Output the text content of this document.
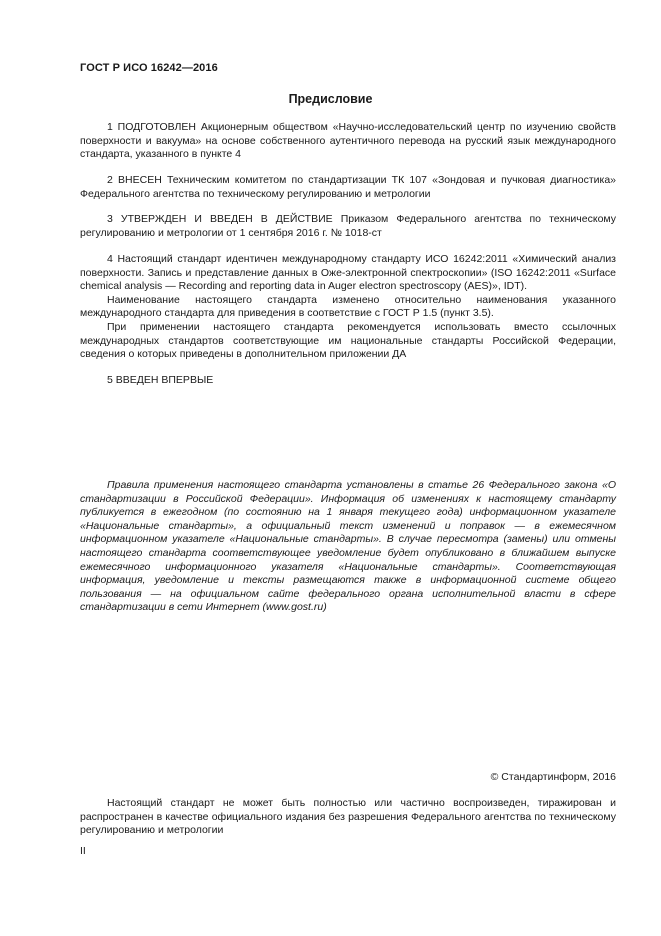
ГОСТ Р ИСО 16242—2016
Предисловие

1 ПОДГОТОВЛЕН Акционерным обществом «Научно-исследовательский центр по изучению свойств поверхности и вакуума» на основе собственного аутентичного перевода на русский язык международного стандарта, указанного в пункте 4

2 ВНЕСЕН Техническим комитетом по стандартизации ТК 107 «Зондовая и пучковая диагностика» Федерального агентства по техническому регулированию и метрологии

3 УТВЕРЖДЕН И ВВЕДЕН В ДЕЙСТВИЕ Приказом Федерального агентства по техническому регулированию и метрологии от 1 сентября 2016 г. № 1018-ст

4 Настоящий стандарт идентичен международному стандарту ИСО 16242:2011 «Химический анализ поверхности. Запись и представление данных в Оже-электронной спектроскопии» (ISO 16242:2011 «Surface chemical analysis — Recording and reporting data in Auger electron spectroscopy (AES)», IDT).

Наименование настоящего стандарта изменено относительно наименования указанного международного стандарта для приведения в соответствие с ГОСТ Р 1.5 (пункт 3.5).

При применении настоящего стандарта рекомендуется использовать вместо ссылочных международных стандартов соответствующие им национальные стандарты Российской Федерации, сведения о которых приведены в дополнительном приложении ДА

5 ВВЕДЕН ВПЕРВЫЕ

Правила применения настоящего стандарта установлены в статье 26 Федерального закона «О стандартизации в Российской Федерации». Информация об изменениях к настоящему стандарту публикуется в ежегодном (по состоянию на 1 января текущего года) информационном указателе «Национальные стандарты», а официальный текст изменений и поправок — в ежемесячном информационном указателе «Национальные стандарты». В случае пересмотра (замены) или отмены настоящего стандарта соответствующее уведомление будет опубликовано в ближайшем выпуске ежемесячного информационного указателя «Национальные стандарты». Соответствующая информация, уведомление и тексты размещаются также в информационной системе общего пользования — на официальном сайте федерального органа исполнительной власти в сфере стандартизации в сети Интернет (www.gost.ru)

© Стандартинформ, 2016

Настоящий стандарт не может быть полностью или частично воспроизведен, тиражирован и распространен в качестве официального издания без разрешения Федерального агентства по техническому регулированию и метрологии

II
